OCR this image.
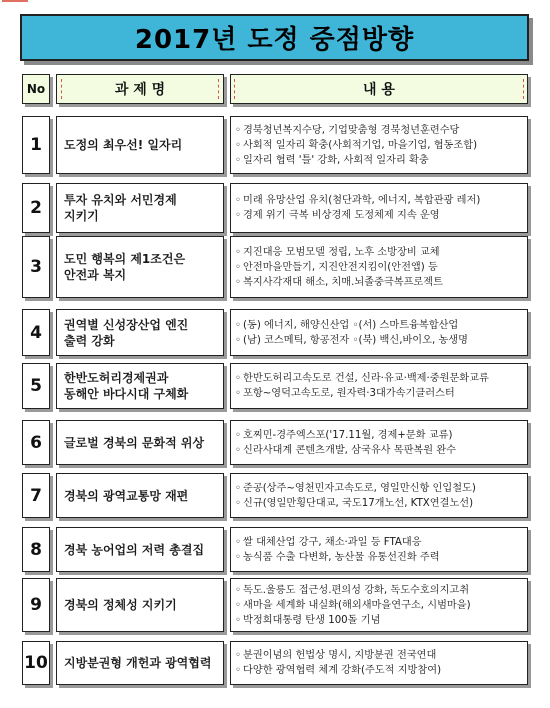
2017년 도정 중점방향
No	과 제 명	내 용
1	도정의 최우선! 일자리
◦ 경북청년복지수당, 기업맞춤형 경북청년훈련수당
◦ 사회적 일자리 확충(사회적기업, 마을기업, 협동조합)
◦ 일자리 협력 '틀' 강화, 사회적 일자리 확충
2	투자 유치와 서민경제
지키기
◦ 미래 유망산업 유치(첨단과학, 에너지, 복합관광 레저)
◦ 경제 위기 극복 비상경제 도정체제 지속 운영
3	도민 행복의 제1조건은
안전과 복지
◦ 지진대응 모범모델 정립, 노후 소방장비 교체
◦ 안전마을만들기, 지진안전지킴이(안전앱) 등
◦ 복지사각재대 해소, 치매.뇌졸중극복프로젝트
4	권역별 신성장산업 엔진
출력 강화
◦ (동) 에너지, 해양신산업 ◦(서) 스마트융복합산업
◦ (남) 코스메틱, 항공전자 ◦(북) 백신,바이오, 농생명
5	한반도허리경제권과
동해안 바다시대 구체화
◦ 한반도허리고속도로 건설, 신라·유교·백제·중원문화교류
◦ 포항~영덕고속도로, 원자력·3대가속기클러스터
6	글로벌 경북의 문화적 위상
◦ 호찌민-경주엑스포('17.11월, 경제+문화 교류)
◦ 신라사대계 콘텐츠개발, 삼국유사 목판복원 완수
7	경북의 광역교통망 재편
◦ 준공(상주~영천민자고속도로, 영일만신항 인입철도)
◦ 신규(영일만횡단대교, 국도17개노선, KTX연결노선)
8	경북 농어업의 저력 총결집
◦ 쌀 대체산업 강구, 채소·과일 등 FTA대응
◦ 농식품 수출 다변화, 농산물 유통선진화 주력
9	경북의 정체성 지키기
◦ 독도.울릉도 접근성.편의성 강화, 독도수호의지고취
◦ 새마을 세계화 내실화(해외새마을연구소, 시범마을)
◦ 박정희대통령 탄생 100돌 기념
10	지방분권형 개헌과 광역협력
◦ 분권이념의 헌법상 명시, 지방분권 전국연대
◦ 다양한 광역협력 체계 강화(주도적 지방참여)
